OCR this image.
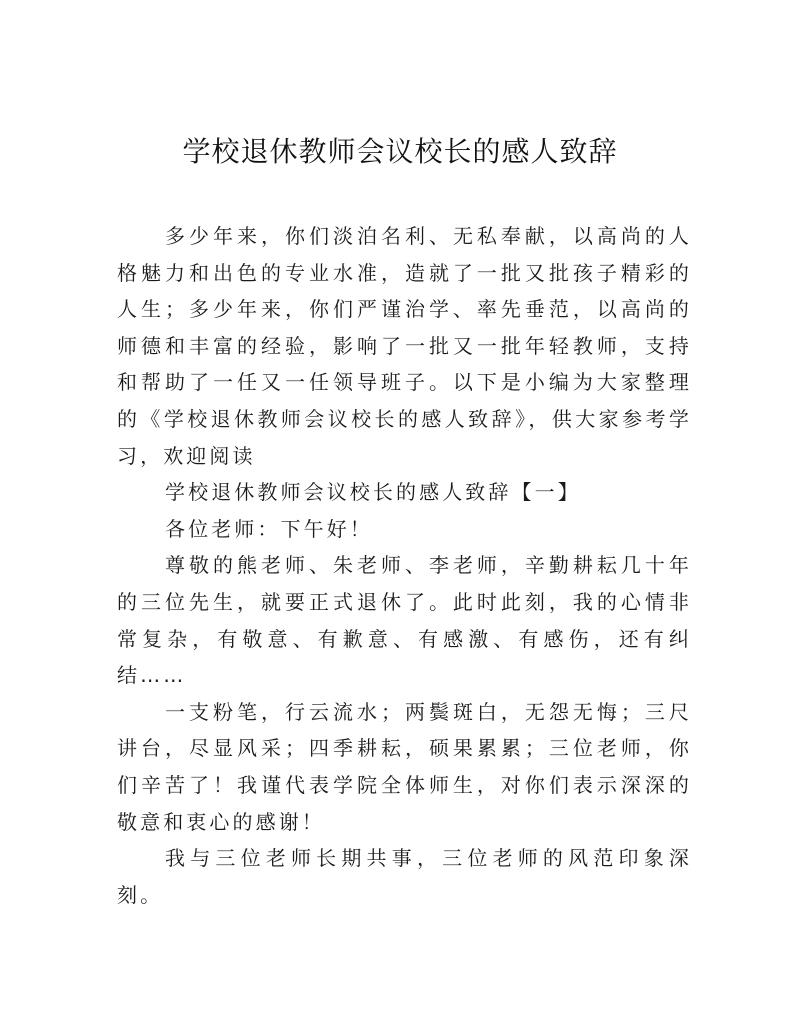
学校退休教师会议校长的感人致辞

多少年来，你们淡泊名利、无私奉献，以高尚的人格魅力和出色的专业水准，造就了一批又批孩子精彩的人生；多少年来，你们严谨治学、率先垂范，以高尚的师德和丰富的经验，影响了一批又一批年轻教师，支持和帮助了一任又一任领导班子。以下是小编为大家整理的《学校退休教师会议校长的感人致辞》，供大家参考学习，欢迎阅读

学校退休教师会议校长的感人致辞【一】

各位老师：下午好！

尊敬的熊老师、朱老师、李老师，辛勤耕耘几十年的三位先生，就要正式退休了。此时此刻，我的心情非常复杂，有敬意、有歉意、有感激、有感伤，还有纠结……

一支粉笔，行云流水；两鬓斑白，无怨无悔；三尺讲台，尽显风采；四季耕耘，硕果累累；三位老师，你们辛苦了！我谨代表学院全体师生，对你们表示深深的敬意和衷心的感谢！

我与三位老师长期共事，三位老师的风范印象深刻。
